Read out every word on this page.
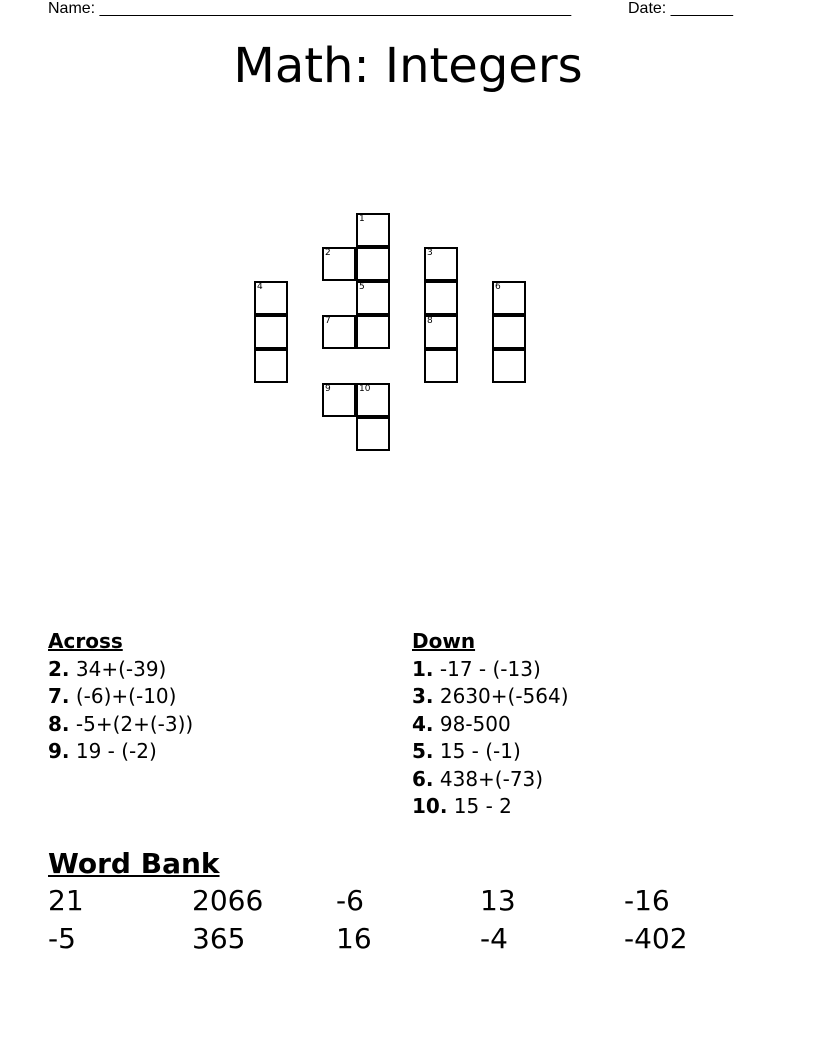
Name: _____________________________________________________	Date: _______
Math: Integers
1
2	3
4	5	6
7	8
9	10
Across
2. 34+(-39)
7. (-6)+(-10)
8. -5+(2+(-3))
9. 19 - (-2)
Down
1. -17 - (-13)
3. 2630+(-564)
4. 98-500
5. 15 - (-1)
6. 438+(-73)
10. 15 - 2
Word Bank
21	2066	-6	13	-16
-5	365	16	-4	-402
